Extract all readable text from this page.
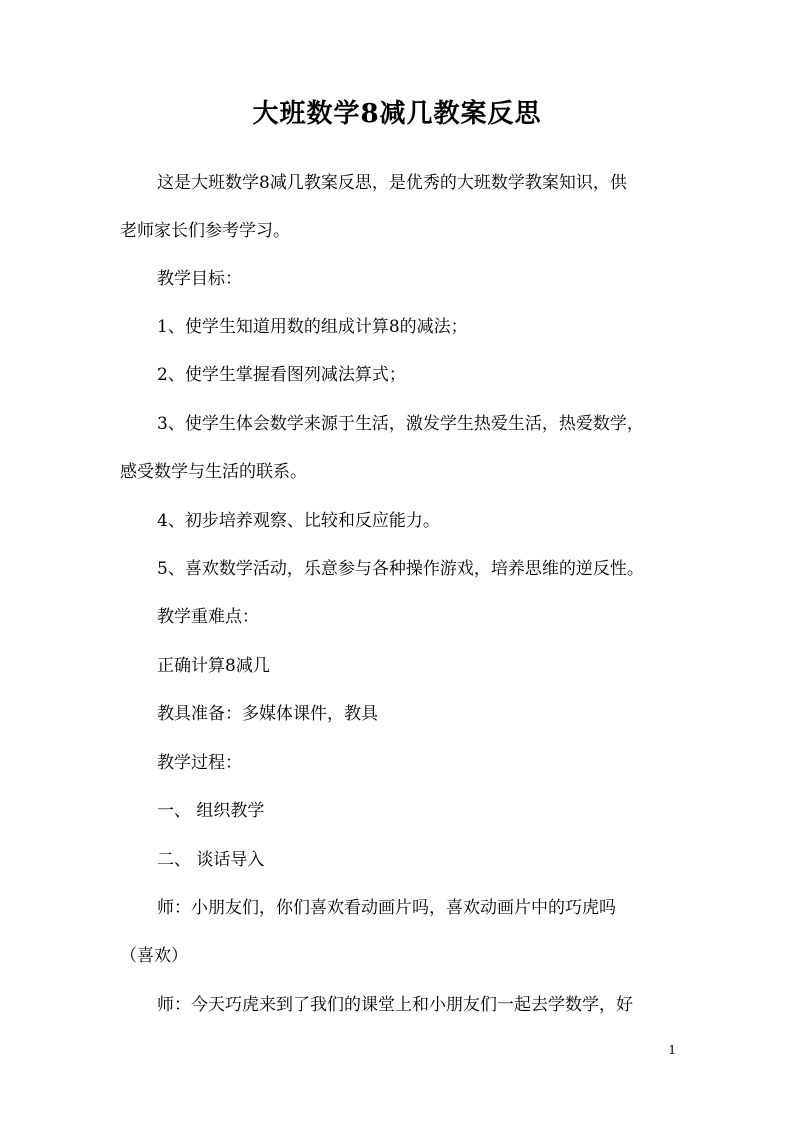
大班数学8减几教案反思
这是大班数学8减几教案反思，是优秀的大班数学教案知识，供
老师家长们参考学习。
教学目标：
1、使学生知道用数的组成计算8的减法；
2、使学生掌握看图列减法算式；
3、使学生体会数学来源于生活，激发学生热爱生活，热爱数学，
感受数学与生活的联系。
4、初步培养观察、比较和反应能力。
5、喜欢数学活动，乐意参与各种操作游戏，培养思维的逆反性。
教学重难点：
正确计算8减几
教具准备：多媒体课件，教具
教学过程：
一、 组织教学
二、 谈话导入
师：小朋友们，你们喜欢看动画片吗，喜欢动画片中的巧虎吗
（喜欢）
师：今天巧虎来到了我们的课堂上和小朋友们一起去学数学，好
1
